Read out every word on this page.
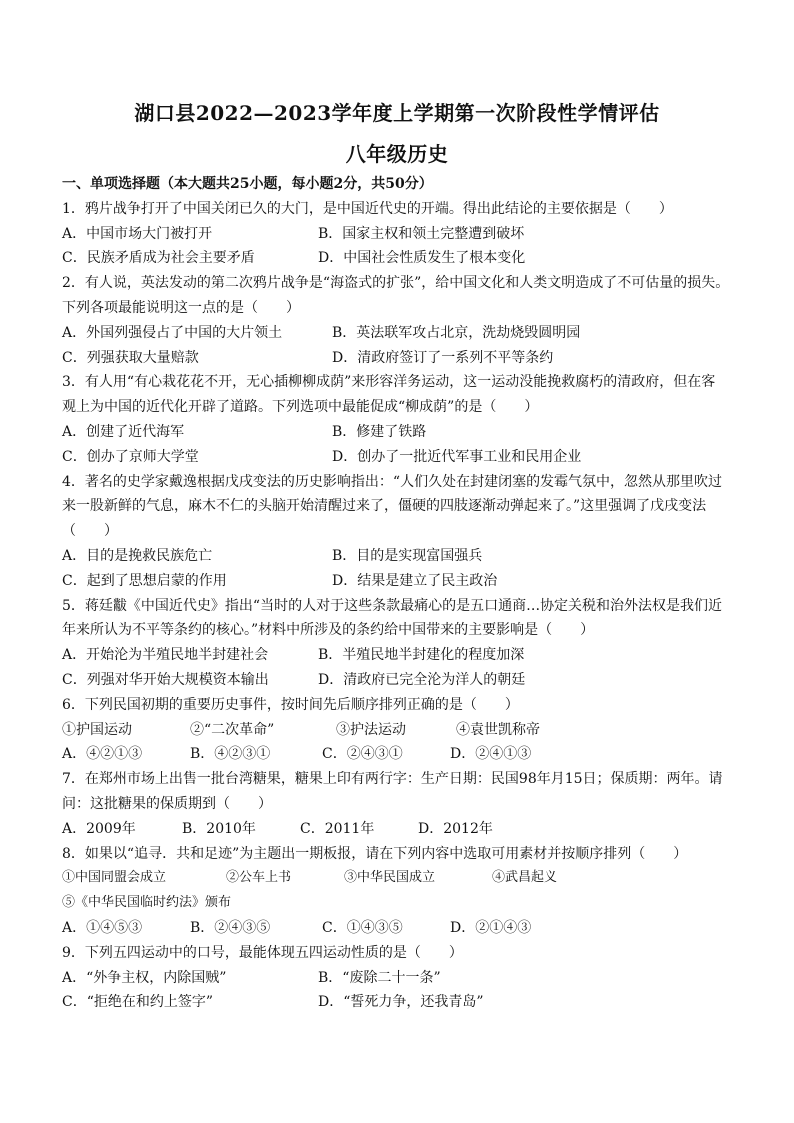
湖口县2022—2023学年度上学期第一次阶段性学情评估
八年级历史
一、单项选择题（本大题共25小题，每小题2分，共50分）
1．鸦片战争打开了中国关闭已久的大门，是中国近代史的开端。得出此结论的主要依据是（　　）
A．中国市场大门被打开	B．国家主权和领土完整遭到破坏
C．民族矛盾成为社会主要矛盾	D．中国社会性质发生了根本变化
2．有人说，英法发动的第二次鸦片战争是“海盗式的扩张”，给中国文化和人类文明造成了不可估量的损失。
下列各项最能说明这一点的是（　　）
A．外国列强侵占了中国的大片领土	B．英法联军攻占北京，洗劫烧毁圆明园
C．列强获取大量赔款	D．清政府签订了一系列不平等条约
3．有人用“有心栽花花不开，无心插柳柳成荫”来形容洋务运动，这一运动没能挽救腐朽的清政府，但在客
观上为中国的近代化开辟了道路。下列选项中最能促成“柳成荫”的是（　　）
A．创建了近代海军	B．修建了铁路
C．创办了京师大学堂	D．创办了一批近代军事工业和民用企业
4．著名的史学家戴逸根据戊戌变法的历史影响指出：“人们久处在封建闭塞的发霉气氛中，忽然从那里吹过
来一股新鲜的气息，麻木不仁的头脑开始清醒过来了，僵硬的四肢逐渐动弹起来了。”这里强调了戊戌变法
（　　）
A．目的是挽救民族危亡	B．目的是实现富国强兵
C．起到了思想启蒙的作用	D．结果是建立了民主政治
5．蒋廷黻《中国近代史》指出“当时的人对于这些条款最痛心的是五口通商…协定关税和治外法权是我们近
年来所认为不平等条约的核心。”材料中所涉及的条约给中国带来的主要影响是（　　）
A．开始沦为半殖民地半封建社会	B．半殖民地半封建化的程度加深
C．列强对华开始大规模资本输出	D．清政府已完全沦为洋人的朝廷
6．下列民国初期的重要历史事件，按时间先后顺序排列正确的是（　　）
①护国运动	②“二次革命”	③护法运动	④袁世凯称帝
A．④②①③	B．④②③①	C．②④③①	D．②④①③
7．在郑州市场上出售一批台湾糖果，糖果上印有两行字：生产日期：民国98年月15日；保质期：两年。请
问：这批糖果的保质期到（　　）
A．2009年	B．2010年	C．2011年	D．2012年
8．如果以“追寻．共和足迹”为主题出一期板报，请在下列内容中选取可用素材并按顺序排列（　　）
①中国同盟会成立	②公车上书	③中华民国成立	④武昌起义
⑤《中华民国临时约法》颁布
A．①④⑤③	B．②④③⑤	C．①④③⑤	D．②①④③
9．下列五四运动中的口号，最能体现五四运动性质的是（　　）
A．“外争主权，内除国贼”	B．“废除二十一条”
C．“拒绝在和约上签字”	D．“誓死力争，还我青岛”
